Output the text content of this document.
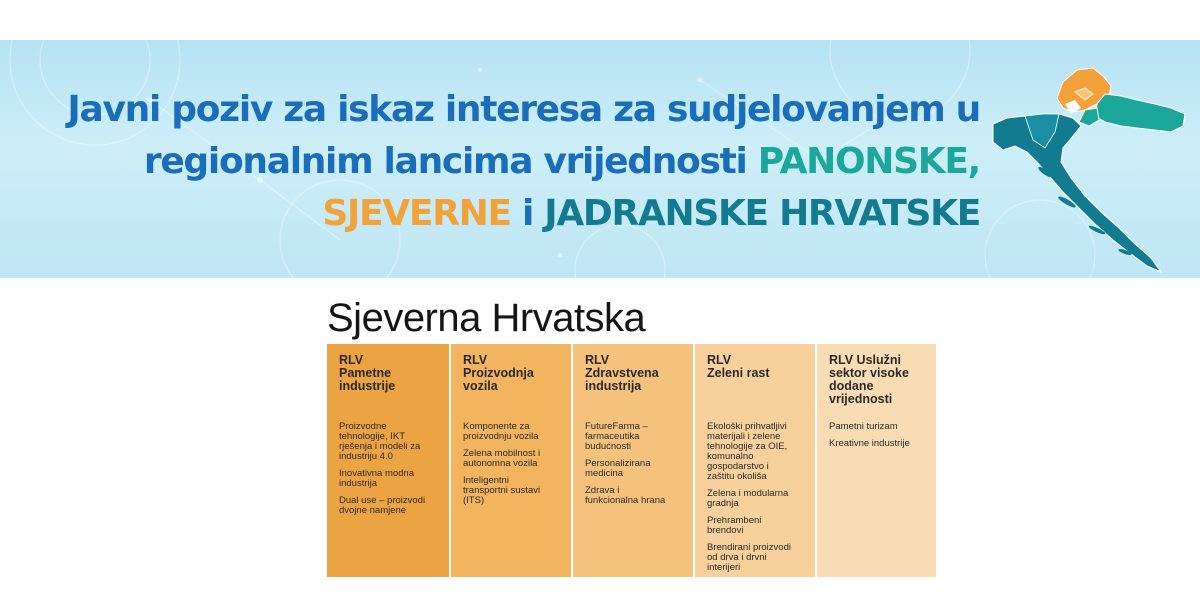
Javni poziv za iskaz interesa za sudjelovanjem u
regionalnim lancima vrijednosti PANONSKE,
SJEVERNE i JADRANSKE HRVATSKE
Sjeverna Hrvatska
RLV
Pametne industrije
Proizvodne tehnologije, IKT rješenja i modeli za industriju 4.0
Inovativna modna industrija
Dual use – proizvodi dvojne namjene
RLV
Proizvodnja vozila
Komponente za proizvodnju vozila
Zelena mobilnost i autonomna vozila
Inteligentni transportni sustavi (ITS)
RLV
Zdravstvena industrija
FutureFarma – farmaceutika budućnosti
Personalizirana medicina
Zdrava i funkcionalna hrana
RLV
Zeleni rast
Ekološki prihvatljivi materijali i zelene tehnologije za OIE, komunalno gospodarstvo i zaštitu okoliša
Zelena i modularna gradnja
Prehrambeni brendovi
Brendirani proizvodi od drva i drvni interijeri
RLV Uslužni
sektor visoke dodane vrijednosti
Pametni turizam
Kreativne industrije
